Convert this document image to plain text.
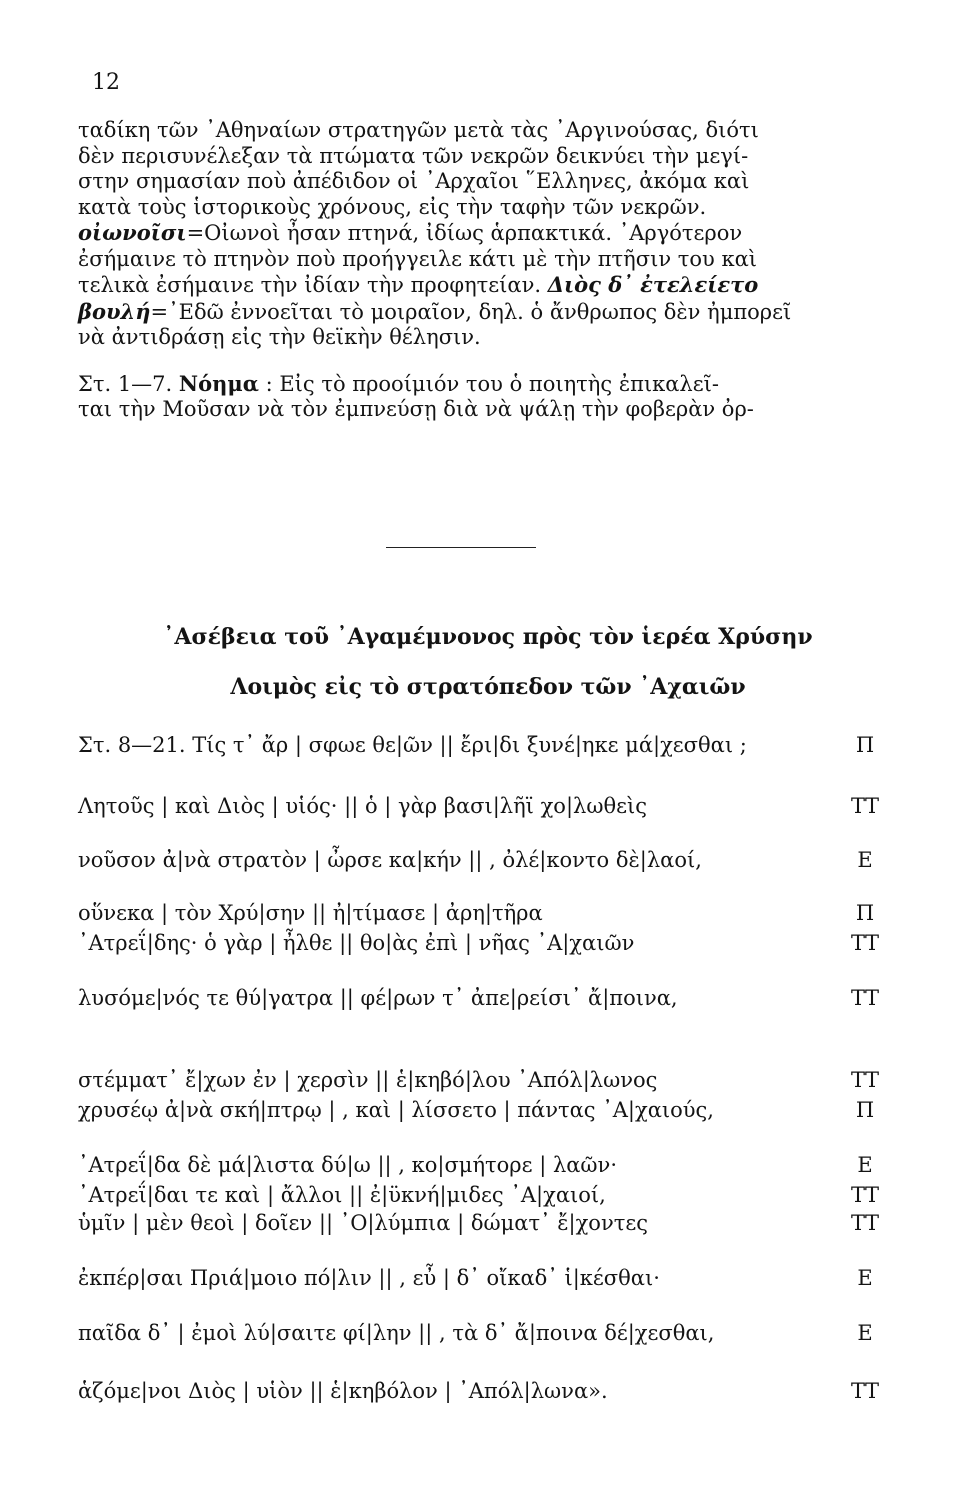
12

ταδίκη τῶν ᾿Αθηναίων στρατηγῶν μετὰ τὰς ᾿Αργινούσας, διότι

δὲν περισυνέλεξαν τὰ πτώματα τῶν νεκρῶν δεικνύει τὴν μεγί-

στην σημασίαν ποὺ ἀπέδιδον οἱ ᾿Αρχαῖοι ῞Ελληνες, ἀκόμα καὶ

κατὰ τοὺς ἱστορικοὺς χρόνους, εἰς τὴν ταφὴν τῶν νεκρῶν.

οἰωνοῖσι=Οἰωνοὶ ἦσαν πτηνά, ἰδίως ἁρπακτικά. ᾿Αργότερον

ἐσήμαινε τὸ πτηνὸν ποὺ προήγγειλε κάτι μὲ τὴν πτῆσιν του καὶ

τελικὰ ἐσήμαινε τὴν ἰδίαν τὴν προφητείαν. Διὸς δ᾿ ἐτελείετο

βουλή=᾿Εδῶ ἐννοεῖται τὸ μοιραῖον, δηλ. ὁ ἄνθρωπος δὲν ἠμπορεῖ

νὰ ἀντιδράσῃ εἰς τὴν θεϊκὴν θέλησιν.

Στ. 1—7. Νόημα : Εἰς τὸ προοίμιόν του ὁ ποιητὴς ἐπικαλεῖ-

ται τὴν Μοῦσαν νὰ τὸν ἐμπνεύσῃ διὰ νὰ ψάλῃ τὴν φοβερὰν ὀρ-

᾿Ασέβεια τοῦ ᾿Αγαμέμνονος πρὸς τὸν ἱερέα Χρύσην
Λοιμὸς εἰς τὸ στρατόπεδον τῶν ᾿Αχαιῶν
Στ. 8—21. Τίς τ᾿ ἄρ | σφωε θε|ῶν || ἔρι|δι ξυνέ|ηκε μά|χεσθαι ;	Π
Λητοῦς | καὶ Διὸς | υἱός· || ὁ | γὰρ βασι|λῆϊ χο|λωθεὶς	ΤΤ
νοῦσον ἀ|νὰ στρατὸν | ὦρσε κα|κήν || , ὀλέ|κοντο δὲ|λαοί,	Ε
οὕνεκα | τὸν Χρύ|σην || ἠ|τίμασε | ἀρη|τῆρα	Π
᾿Ατρεΐ|δης· ὁ γὰρ | ἦλθε || θο|ὰς ἐπὶ | νῆας ᾿Α|χαιῶν	ΤΤ
λυσόμε|νός τε θύ|γατρα || φέ|ρων τ᾿ ἀπε|ρείσι᾿ ἄ|ποινα,	ΤΤ
στέμματ᾿ ἔ|χων ἐν | χερσὶν || ἑ|κηβό|λου ᾿Απόλ|λωνος	ΤΤ
χρυσέῳ ἀ|νὰ σκή|πτρῳ | , καὶ | λίσσετο | πάντας ᾿Α|χαιούς,	Π
᾿Ατρεΐ|δα δὲ μά|λιστα δύ|ω || , κο|σμήτορε | λαῶν·	Ε
᾿Ατρεΐ|δαι τε καὶ | ἄλλοι || ἐ|ϋκνή|μιδες ᾿Α|χαιοί,	ΤΤ
ὑμῖν | μὲν θεοὶ | δοῖεν || ᾿Ο|λύμπια | δώματ᾿ ἔ|χοντες	ΤΤ
ἐκπέρ|σαι Πριά|μοιο πό|λιν || , εὖ | δ᾿ οἴκαδ᾿ ἱ|κέσθαι·	Ε
παῖδα δ᾿ | ἐμοὶ λύ|σαιτε φί|λην || , τὰ δ᾿ ἄ|ποινα δέ|χεσθαι,	Ε
ἁζόμε|νοι Διὸς | υἱὸν || ἑ|κηβόλον | ᾿Απόλ|λωνα».	ΤΤ
